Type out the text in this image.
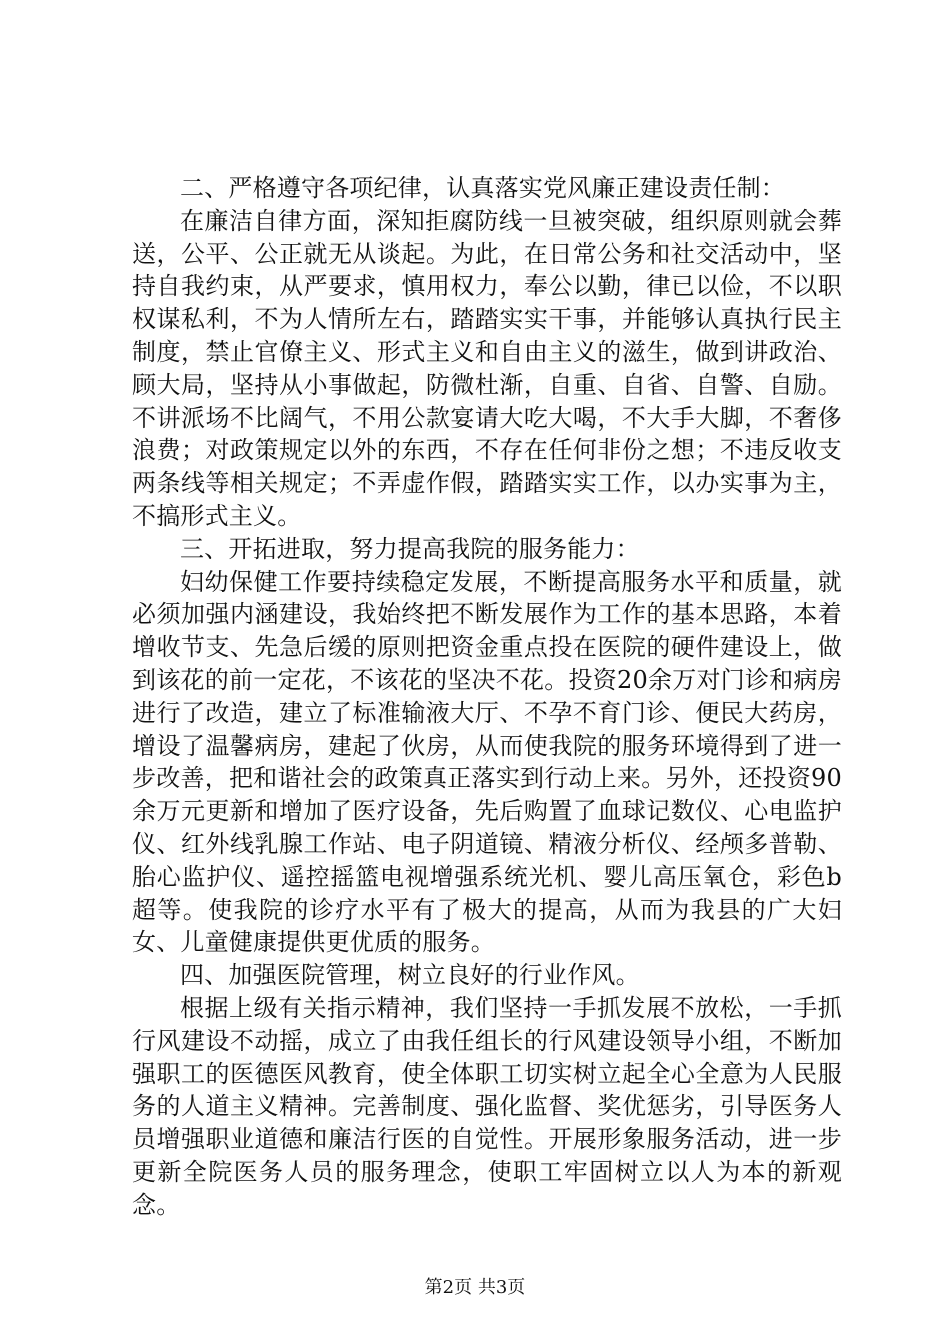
二、严格遵守各项纪律，认真落实党风廉正建设责任制：

在廉洁自律方面，深知拒腐防线一旦被突破，组织原则就会葬送，公平、公正就无从谈起。为此，在日常公务和社交活动中，坚持自我约束，从严要求，慎用权力，奉公以勤，律已以俭，不以职权谋私利，不为人情所左右，踏踏实实干事，并能够认真执行民主制度，禁止官僚主义、形式主义和自由主义的滋生，做到讲政治、顾大局，坚持从小事做起，防微杜渐，自重、自省、自警、自励。不讲派场不比阔气，不用公款宴请大吃大喝，不大手大脚，不奢侈浪费；对政策规定以外的东西，不存在任何非份之想；不违反收支两条线等相关规定；不弄虚作假，踏踏实实工作，以办实事为主，不搞形式主义。

三、开拓进取，努力提高我院的服务能力：

妇幼保健工作要持续稳定发展，不断提高服务水平和质量，就必须加强内涵建设，我始终把不断发展作为工作的基本思路，本着增收节支、先急后缓的原则把资金重点投在医院的硬件建设上，做到该花的前一定花，不该花的坚决不花。投资20余万对门诊和病房进行了改造，建立了标准输液大厅、不孕不育门诊、便民大药房，增设了温馨病房，建起了伙房，从而使我院的服务环境得到了进一步改善，把和谐社会的政策真正落实到行动上来。另外，还投资90余万元更新和增加了医疗设备，先后购置了血球记数仪、心电监护仪、红外线乳腺工作站、电子阴道镜、精液分析仪、经颅多普勒、胎心监护仪、遥控摇篮电视增强系统光机、婴儿高压氧仓，彩色b超等。使我院的诊疗水平有了极大的提高，从而为我县的广大妇女、儿童健康提供更优质的服务。

四、加强医院管理，树立良好的行业作风。

根据上级有关指示精神，我们坚持一手抓发展不放松，一手抓行风建设不动摇，成立了由我任组长的行风建设领导小组，不断加强职工的医德医风教育，使全体职工切实树立起全心全意为人民服务的人道主义精神。完善制度、强化监督、奖优惩劣，引导医务人员增强职业道德和廉洁行医的自觉性。开展形象服务活动，进一步更新全院医务人员的服务理念，使职工牢固树立以人为本的新观念。

第2页 共3页
